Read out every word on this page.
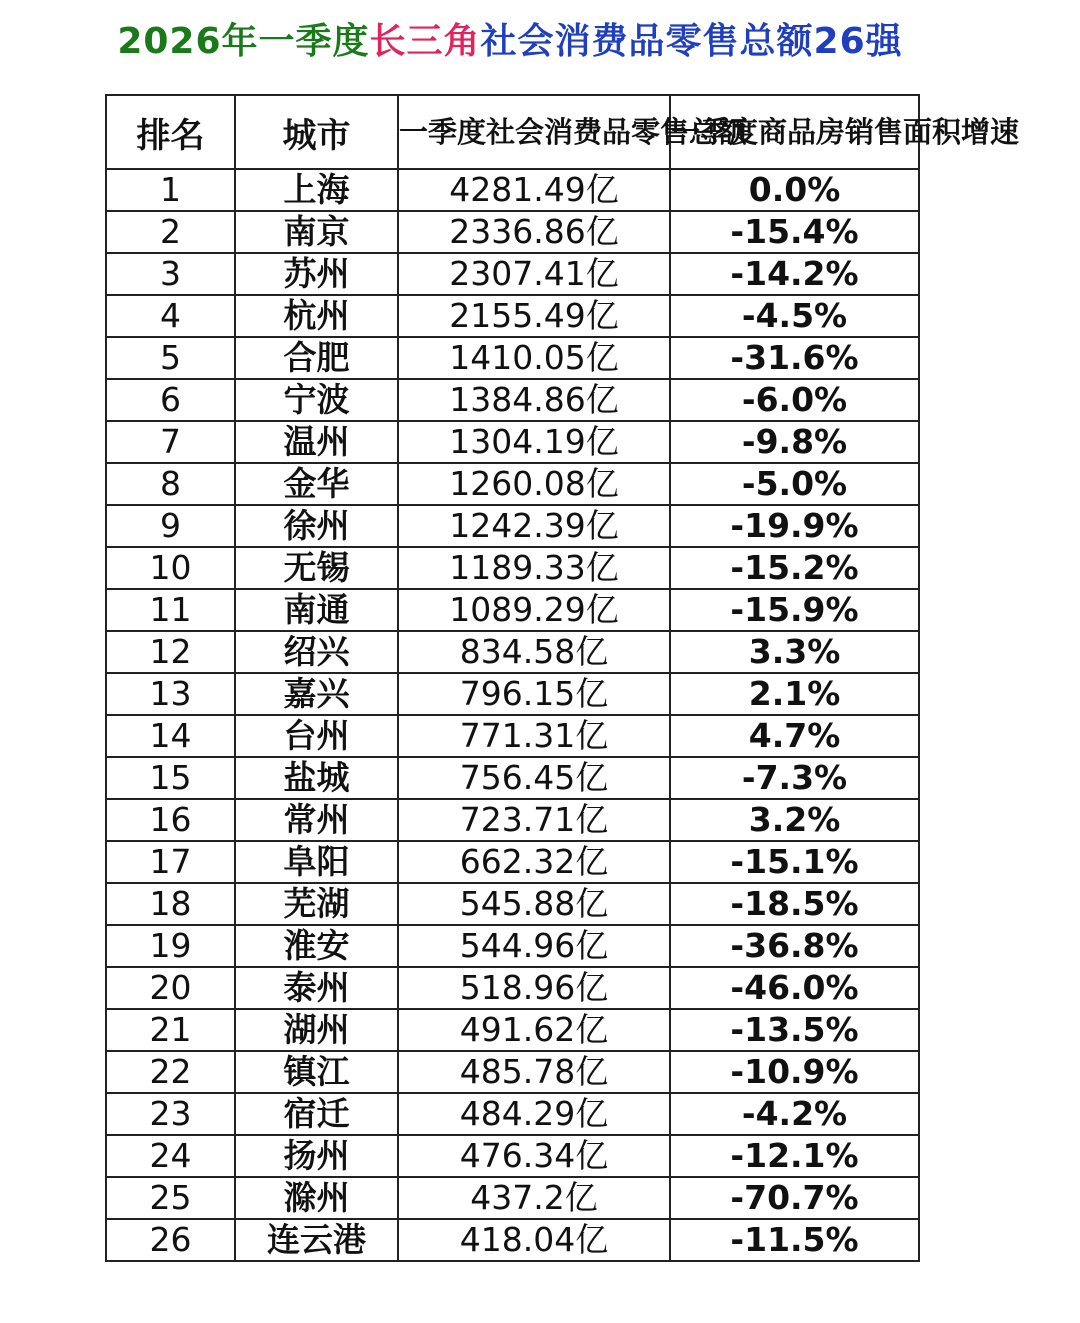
2026年一季度长三角社会消费品零售总额26强
排名	城市	一季度社会消费品零售总额	一季度商品房销售面积增速
1	上海	4281.49亿	0.0%
2	南京	2336.86亿	-15.4%
3	苏州	2307.41亿	-14.2%
4	杭州	2155.49亿	-4.5%
5	合肥	1410.05亿	-31.6%
6	宁波	1384.86亿	-6.0%
7	温州	1304.19亿	-9.8%
8	金华	1260.08亿	-5.0%
9	徐州	1242.39亿	-19.9%
10	无锡	1189.33亿	-15.2%
11	南通	1089.29亿	-15.9%
12	绍兴	834.58亿	3.3%
13	嘉兴	796.15亿	2.1%
14	台州	771.31亿	4.7%
15	盐城	756.45亿	-7.3%
16	常州	723.71亿	3.2%
17	阜阳	662.32亿	-15.1%
18	芜湖	545.88亿	-18.5%
19	淮安	544.96亿	-36.8%
20	泰州	518.96亿	-46.0%
21	湖州	491.62亿	-13.5%
22	镇江	485.78亿	-10.9%
23	宿迁	484.29亿	-4.2%
24	扬州	476.34亿	-12.1%
25	滁州	437.2亿	-70.7%
26	连云港	418.04亿	-11.5%
